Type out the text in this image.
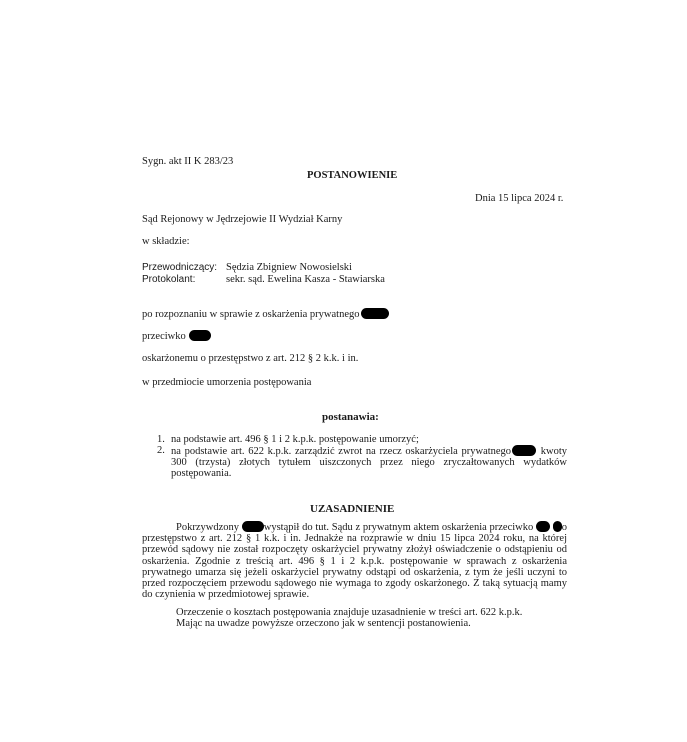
Sygn. akt II K 283/23

POSTANOWIENIE

Dnia 15 lipca 2024 r.

Sąd Rejonowy w Jędrzejowie II Wydział Karny

w składzie:

Przewodniczący: Sędzia Zbigniew Nowosielski

Protokolant:	sekr. sąd. Ewelina Kasza - Stawiarska

po rozpoznaniu w sprawie z oskarżenia prywatnego

przeciwko

oskarżonemu o przestępstwo z art. 212 § 2 k.k. i in.

w przedmiocie umorzenia postępowania

postanawia:

1. na podstawie art. 496 § 1 i 2 k.p.k. postępowanie umorzyć;
2. na podstawie art. 622 k.p.k. zarządzić zwrot na rzecz oskarżyciela prywatnego	kwoty 300 (trzysta) złotych tytułem uiszczonych przez niego zryczałtowanych wydatków postępowania.

UZASADNIENIE

Pokrzywdzony wystąpił do tut. Sądu z prywatnym aktem oskarżenia przeciwko	o przestępstwo z art. 212 § 1 k.k. i in. Jednakże na rozprawie w dniu 15 lipca 2024 roku, na której przewód sądowy nie został rozpoczęty oskarżyciel prywatny złożył oświadczenie o odstąpieniu od oskarżenia. Zgodnie z treścią art. 496 § 1 i 2 k.p.k. postępowanie w sprawach z oskarżenia prywatnego umarza się jeżeli oskarżyciel prywatny odstąpi od oskarżenia, z tym że jeśli uczyni to przed rozpoczęciem przewodu sądowego nie wymaga to zgody oskarżonego. Z taką sytuacją mamy do czynienia w przedmiotowej sprawie.

Orzeczenie o kosztach postępowania znajduje uzasadnienie w treści art. 622 k.p.k.

Mając na uwadze powyższe orzeczono jak w sentencji postanowienia.
